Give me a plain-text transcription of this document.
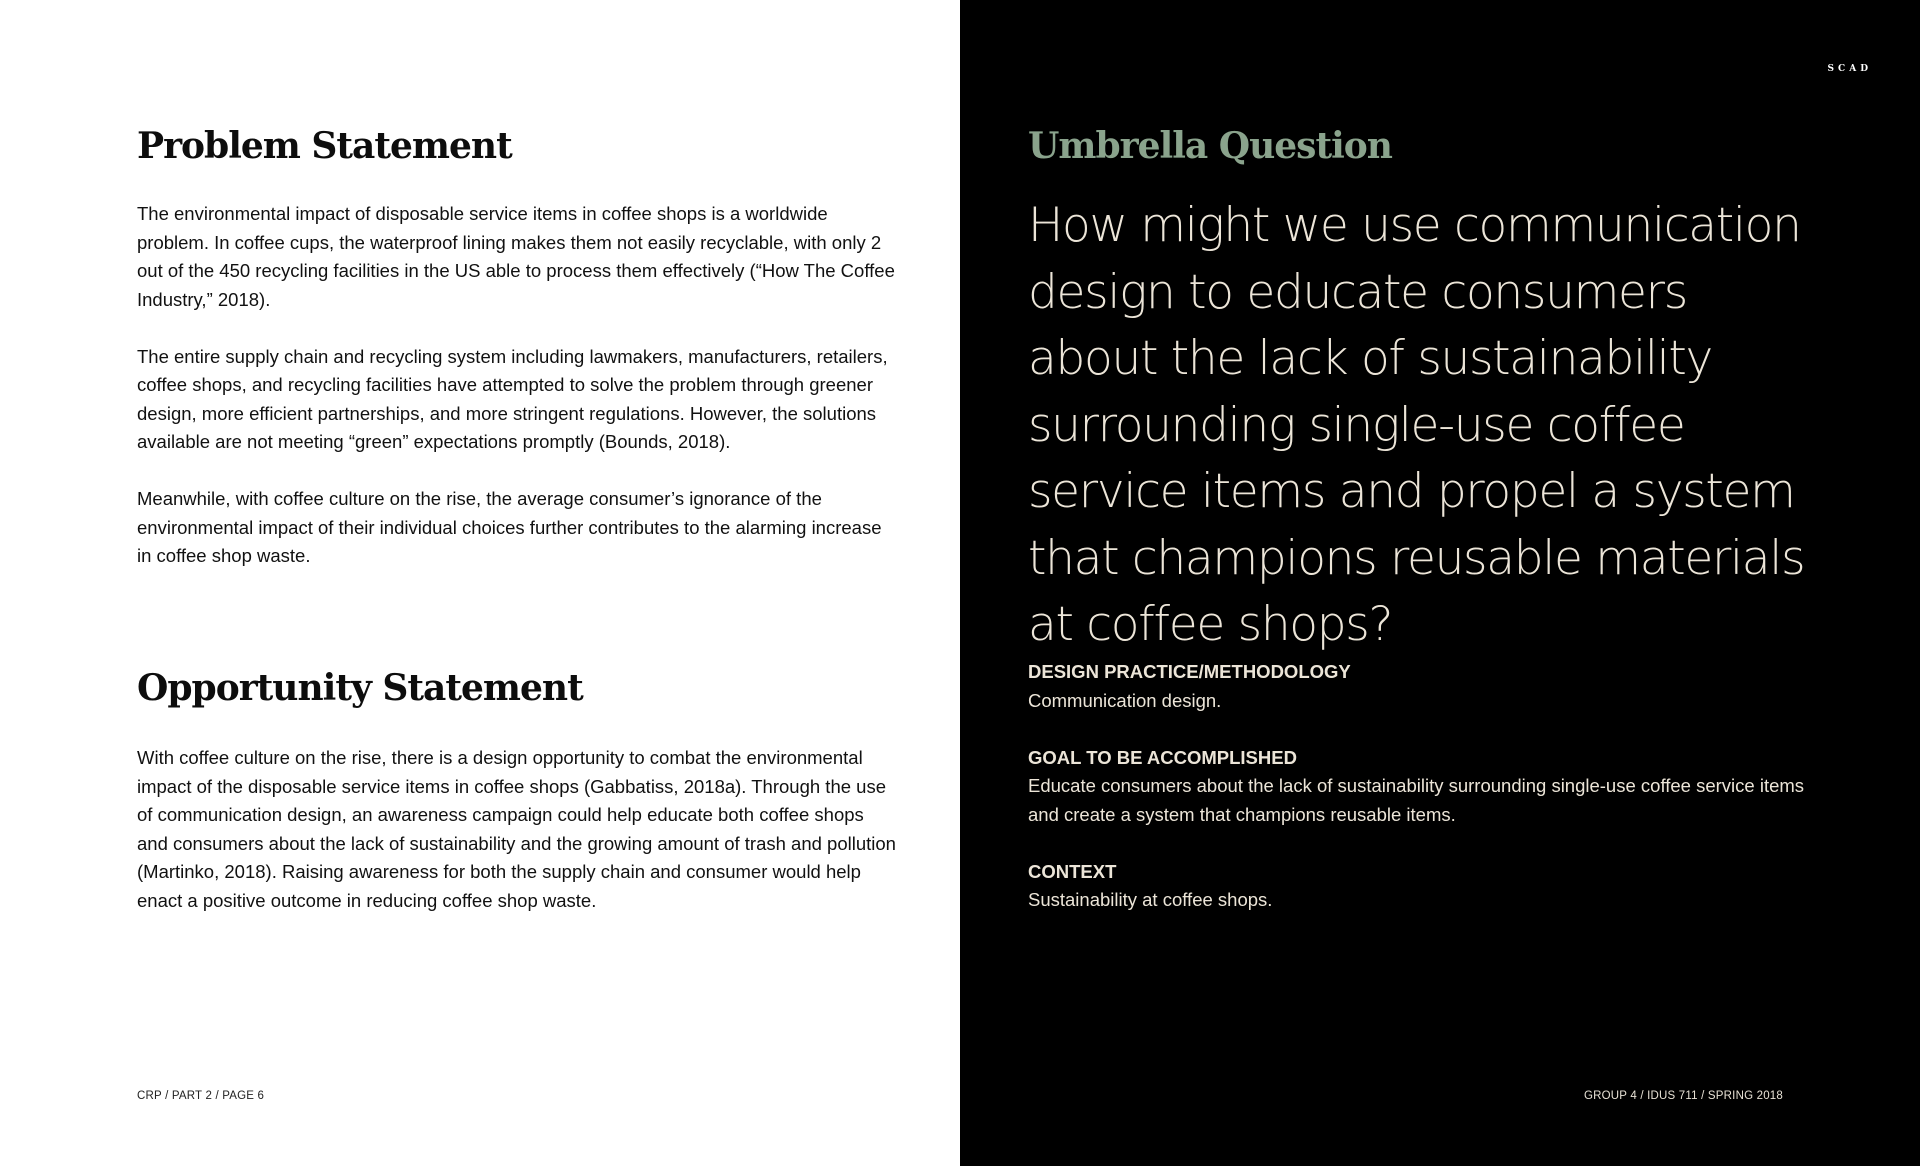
Problem Statement

The environmental impact of disposable service items in coffee shops is a worldwide problem. In coffee cups, the waterproof lining makes them not easily recyclable, with only 2 out of the 450 recycling facilities in the US able to process them effectively (“How The Coffee Industry,” 2018).

The entire supply chain and recycling system including lawmakers, manufacturers, retailers, coffee shops, and recycling facilities have attempted to solve the problem through greener design, more efficient partnerships, and more stringent regulations. However, the solutions available are not meeting “green” expectations promptly (Bounds, 2018).

Meanwhile, with coffee culture on the rise, the average consumer’s ignorance of the environmental impact of their individual choices further contributes to the alarming increase in coffee shop waste.

Opportunity Statement

With coffee culture on the rise, there is a design opportunity to combat the environmental impact of the disposable service items in coffee shops (Gabbatiss, 2018a). Through the use of communication design, an awareness campaign could help educate both coffee shops and consumers about the lack of sustainability and the growing amount of trash and pollution (Martinko, 2018). Raising awareness for both the supply chain and consumer would help enact a positive outcome in reducing coffee shop waste.

CRP / PART 2 / PAGE 6
SCAD
Umbrella Question

How might we use communication design to educate consumers about the lack of sustainability surrounding single-use coffee service items and propel a system that champions reusable materials at coffee shops?

DESIGN PRACTICE/METHODOLOGY
Communication design.
GOAL TO BE ACCOMPLISHED
Educate consumers about the lack of sustainability surrounding single-use coffee service items and create a system that champions reusable items.
CONTEXT
Sustainability at coffee shops.
GROUP 4 / IDUS 711 / SPRING 2018
